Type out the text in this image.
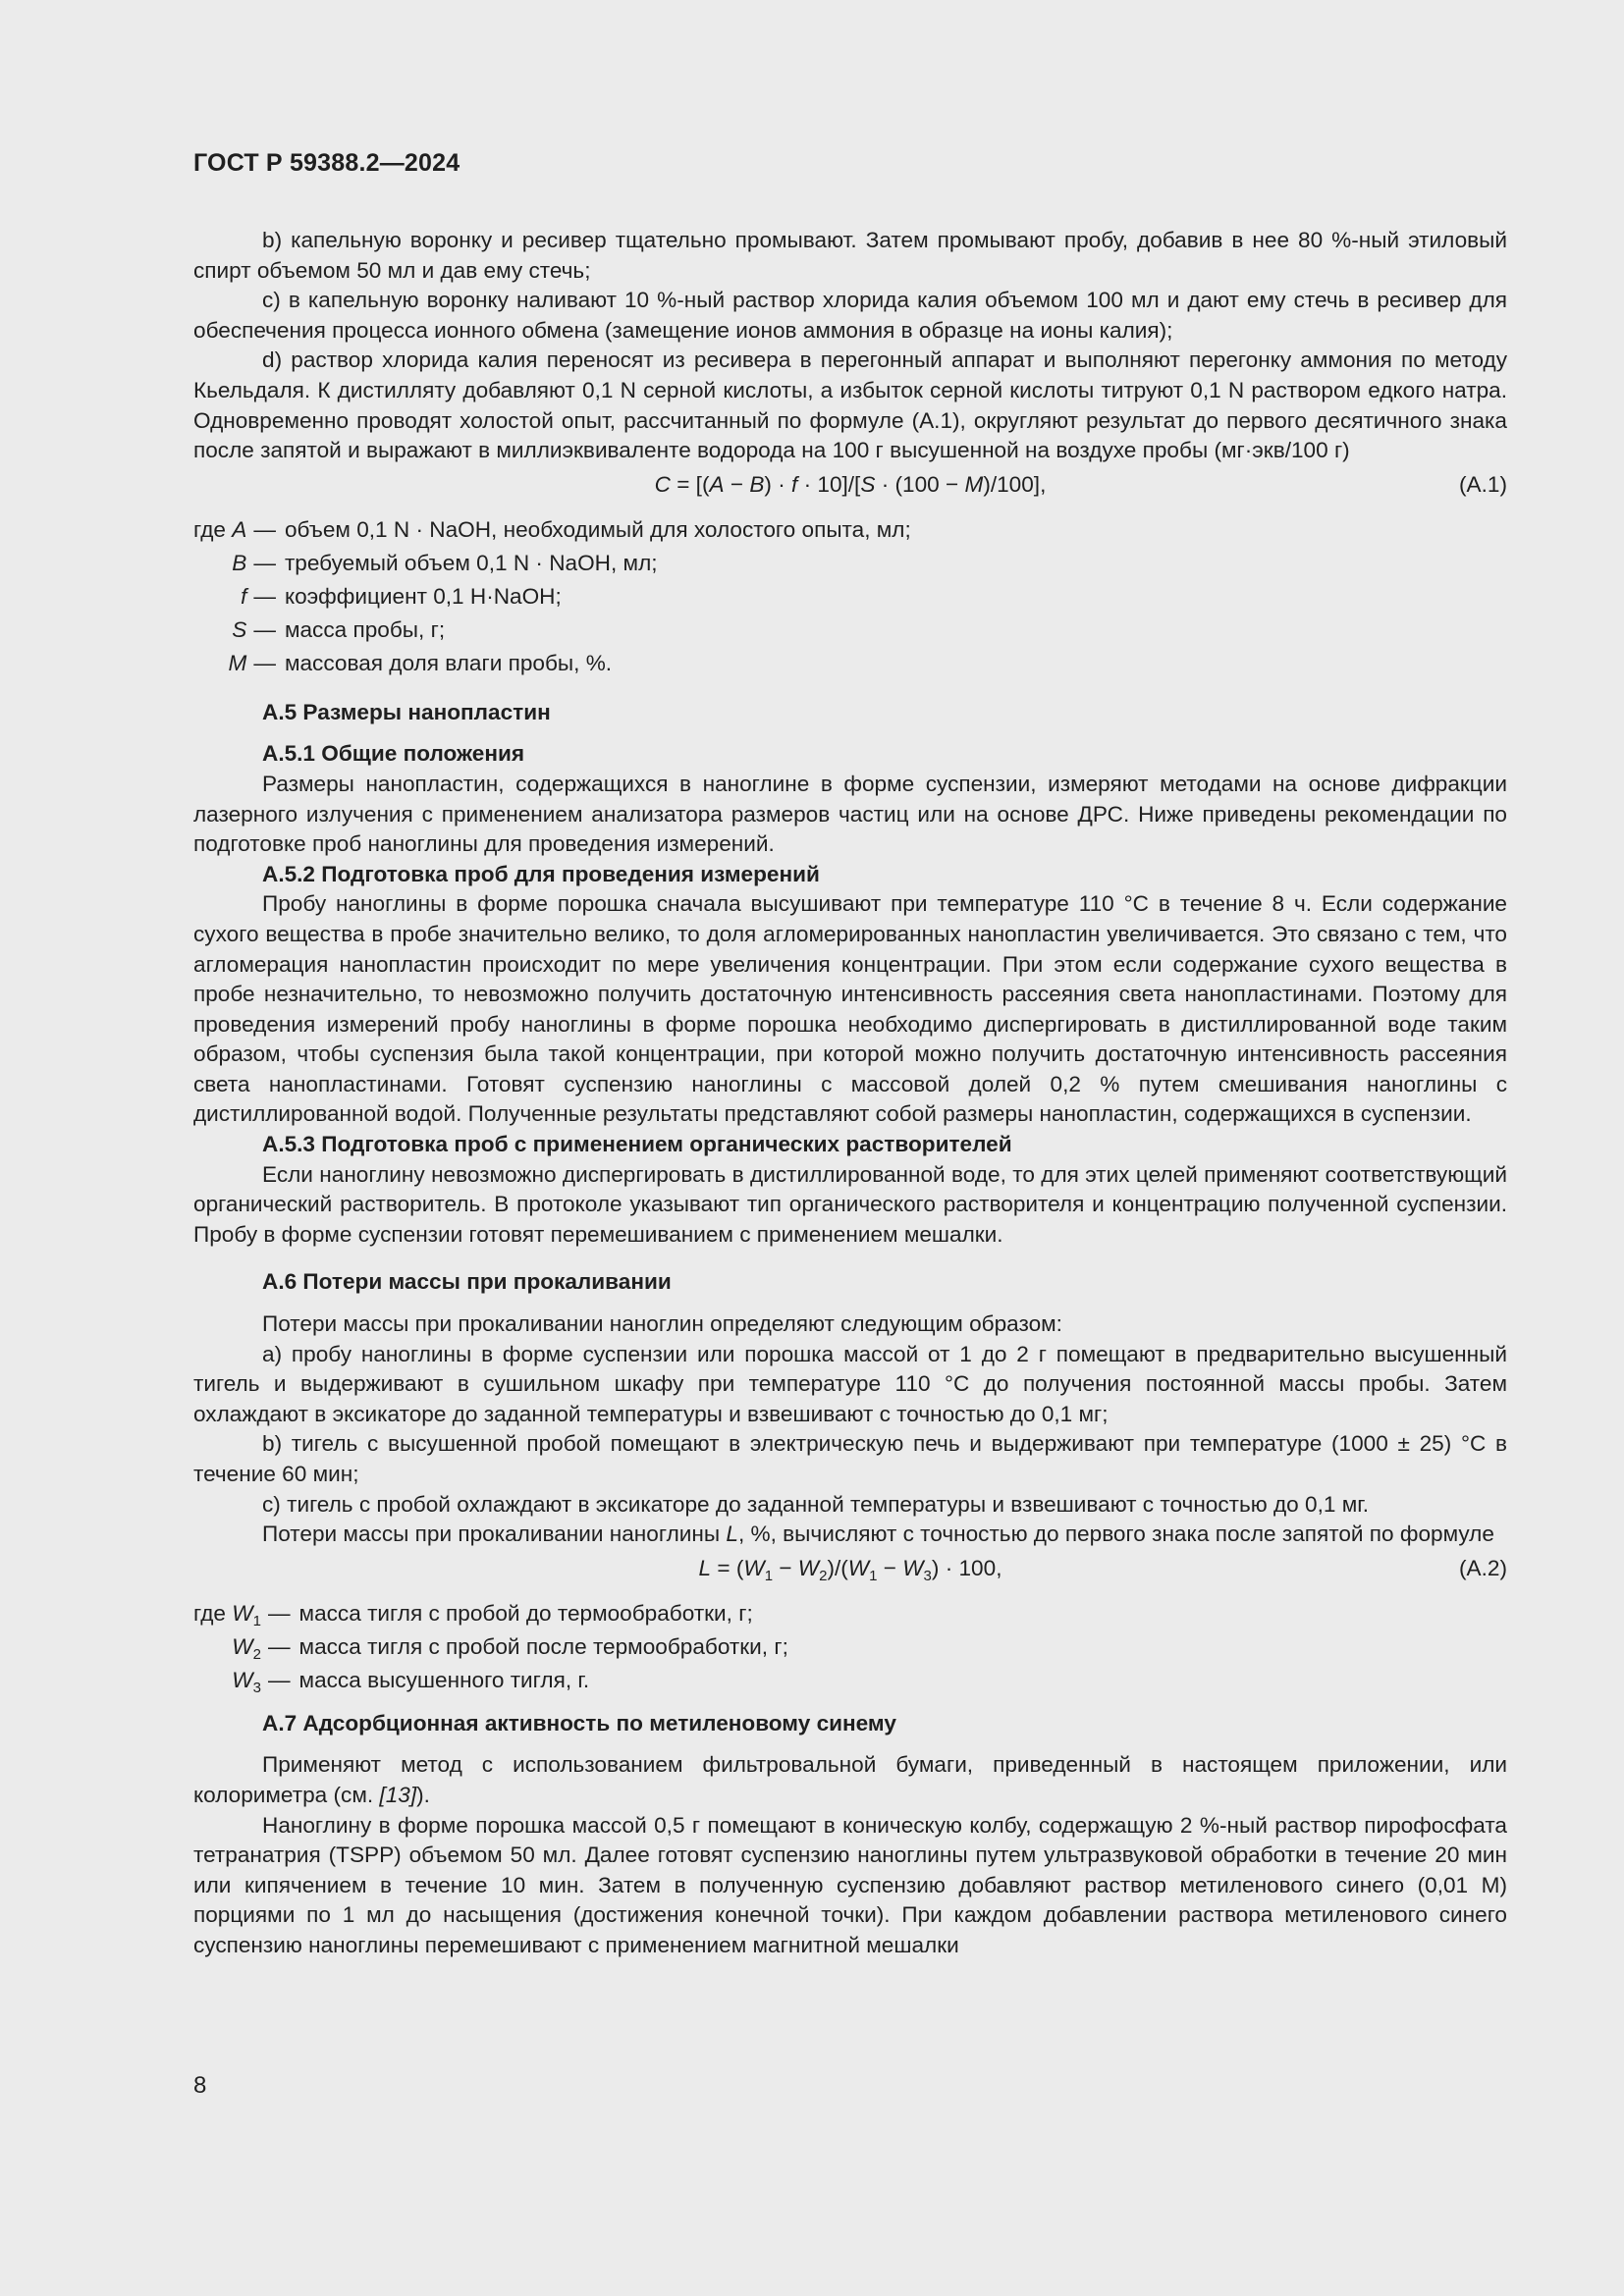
ГОСТ Р 59388.2—2024

b) капельную воронку и ресивер тщательно промывают. Затем промывают пробу, добавив в нее 80 %-ный этиловый спирт объемом 50 мл и дав ему стечь;

c) в капельную воронку наливают 10 %-ный раствор хлорида калия объемом 100 мл и дают ему стечь в ресивер для обеспечения процесса ионного обмена (замещение ионов аммония в образце на ионы калия);

d) раствор хлорида калия переносят из ресивера в перегонный аппарат и выполняют перегонку аммония по методу Кьельдаля. К дистилляту добавляют 0,1 N серной кислоты, а избыток серной кислоты титруют 0,1 N раствором едкого натра. Одновременно проводят холостой опыт, рассчитанный по формуле (А.1), округляют результат до первого десятичного знака после запятой и выражают в миллиэквиваленте водорода на 100 г высушенной на воздухе пробы (мг·экв/100 г)

C = [(A − B) · f · 10]/[S · (100 − M)/100],	(А.1)
где A	—	объем 0,1 N · NaOH, необходимый для холостого опыта, мл;
B	—	требуемый объем 0,1 N · NaOH, мл;
f	—	коэффициент 0,1 Н·NaOH;
S	—	масса пробы, г;
M	—	массовая доля влаги пробы, %.

А.5 Размеры нанопластин

А.5.1 Общие положения

Размеры нанопластин, содержащихся в наноглине в форме суспензии, измеряют методами на основе дифракции лазерного излучения с применением анализатора размеров частиц или на основе ДРС. Ниже приведены рекомендации по подготовке проб наноглины для проведения измерений.

А.5.2 Подготовка проб для проведения измерений

Пробу наноглины в форме порошка сначала высушивают при температуре 110 °С в течение 8 ч. Если содержание сухого вещества в пробе значительно велико, то доля агломерированных нанопластин увеличивается. Это связано с тем, что агломерация нанопластин происходит по мере увеличения концентрации. При этом если содержание сухого вещества в пробе незначительно, то невозможно получить достаточную интенсивность рассеяния света нанопластинами. Поэтому для проведения измерений пробу наноглины в форме порошка необходимо диспергировать в дистиллированной воде таким образом, чтобы суспензия была такой концентрации, при которой можно получить достаточную интенсивность рассеяния света нанопластинами. Готовят суспензию наноглины с массовой долей 0,2 % путем смешивания наноглины с дистиллированной водой. Полученные результаты представляют собой размеры нанопластин, содержащихся в суспензии.

А.5.3 Подготовка проб с применением органических растворителей

Если наноглину невозможно диспергировать в дистиллированной воде, то для этих целей применяют соответствующий органический растворитель. В протоколе указывают тип органического растворителя и концентрацию полученной суспензии. Пробу в форме суспензии готовят перемешиванием с применением мешалки.

А.6 Потери массы при прокаливании

Потери массы при прокаливании наноглин определяют следующим образом:

а) пробу наноглины в форме суспензии или порошка массой от 1 до 2 г помещают в предварительно высушенный тигель и выдерживают в сушильном шкафу при температуре 110 °С до получения постоянной массы пробы. Затем охлаждают в эксикаторе до заданной температуры и взвешивают с точностью до 0,1 мг;

b) тигель с высушенной пробой помещают в электрическую печь и выдерживают при температуре (1000 ± 25) °С в течение 60 мин;

c) тигель с пробой охлаждают в эксикаторе до заданной температуры и взвешивают с точностью до 0,1 мг.

Потери массы при прокаливании наноглины L, %, вычисляют с точностью до первого знака после запятой по формуле

$L = (W_1 - W_2)/(W_1 - W_3) \cdot 100$,	(А.2)
где $W_1$	—	масса тигля с пробой до термообработки, г;
$W_2$	—	масса тигля с пробой после термообработки, г;
$W_3$	—	масса высушенного тигля, г.

А.7 Адсорбционная активность по метиленовому синему

Применяют метод с использованием фильтровальной бумаги, приведенный в настоящем приложении, или колориметра (см. [13]).

Наноглину в форме порошка массой 0,5 г помещают в коническую колбу, содержащую 2 %-ный раствор пирофосфата тетранатрия (TSPP) объемом 50 мл. Далее готовят суспензию наноглины путем ультразвуковой обработки в течение 20 мин или кипячением в течение 10 мин. Затем в полученную суспензию добавляют раствор метиленового синего (0,01 М) порциями по 1 мл до насыщения (достижения конечной точки). При каждом добавлении раствора метиленового синего суспензию наноглины перемешивают с применением магнитной мешалки

8
